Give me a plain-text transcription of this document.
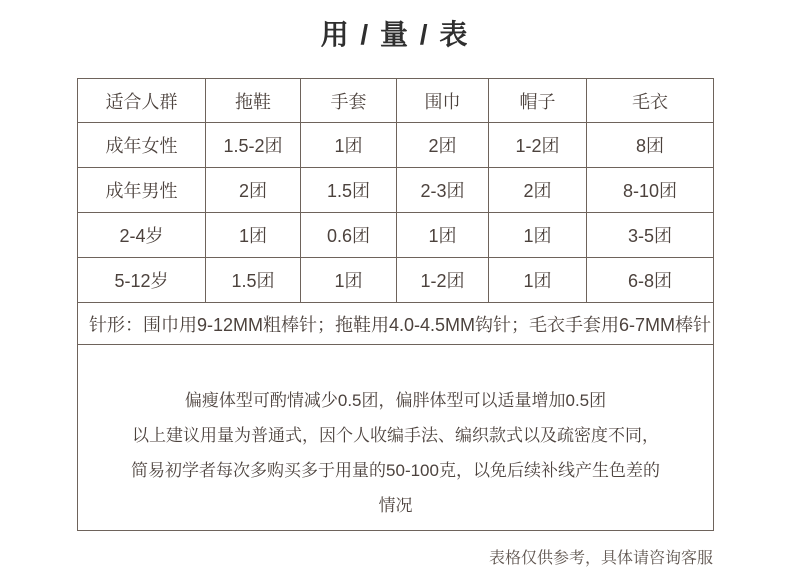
用 / 量 / 表
适合人群	拖鞋	手套	围巾	帽子	毛衣
成年女性	1.5-2团	1团	2团	1-2团	8团
成年男性	2团	1.5团	2-3团	2团	8-10团
2-4岁	1团	0.6团	1团	1团	3-5团
5-12岁	1.5团	1团	1-2团	1团	6-8团
针形：围巾用9-12MM粗棒针；拖鞋用4.0-4.5MM钩针；毛衣手套用6-7MM棒针					

偏瘦体型可酌情减少0.5团，偏胖体型可以适量增加0.5团
以上建议用量为普通式，因个人收编手法、编织款式以及疏密度不同，
简易初学者每次多购买多于用量的50-100克，以免后续补线产生色差的
情况					
表格仅供参考，具体请咨询客服
